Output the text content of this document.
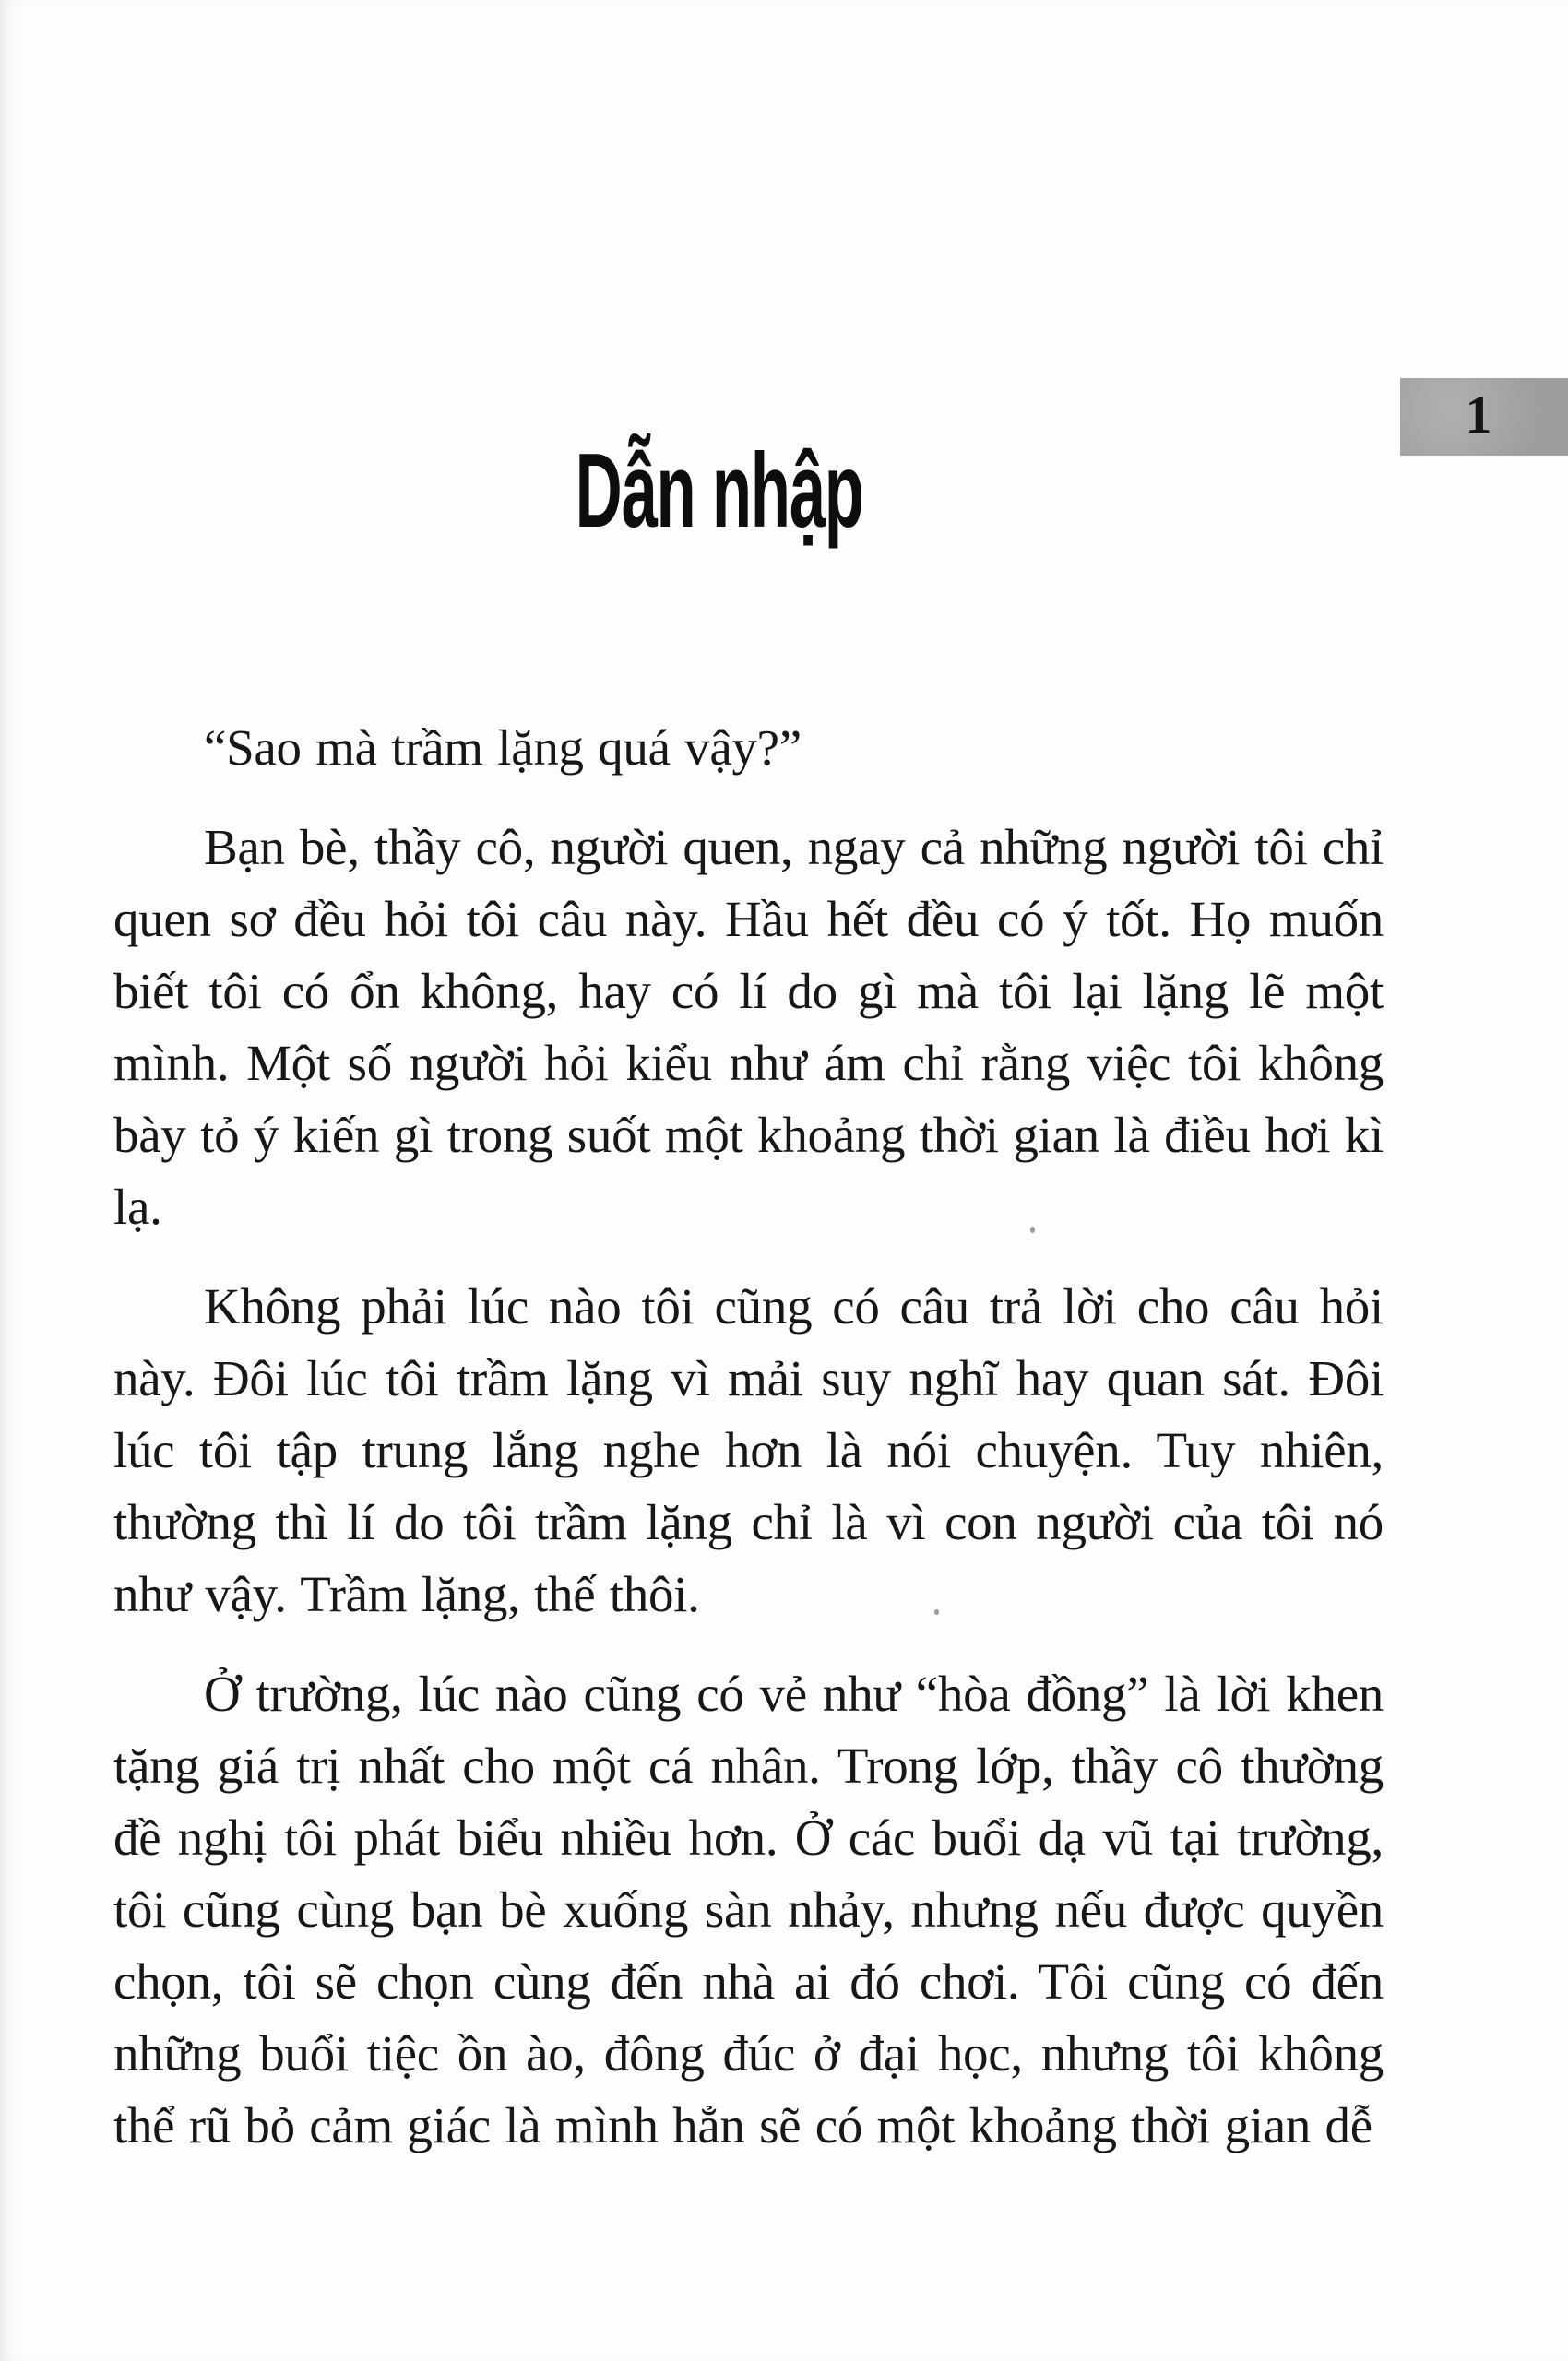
1
Dẫn nhập

“Sao mà trầm lặng quá vậy?”

Bạn bè, thầy cô, người quen, ngay cả những người tôi chỉ quen sơ đều hỏi tôi câu này. Hầu hết đều có ý tốt. Họ muốn biết tôi có ổn không, hay có lí do gì mà tôi lại lặng lẽ một mình. Một số người hỏi kiểu như ám chỉ rằng việc tôi không bày tỏ ý kiến gì trong suốt một khoảng thời gian là điều hơi kì lạ.

Không phải lúc nào tôi cũng có câu trả lời cho câu hỏi này. Đôi lúc tôi trầm lặng vì mải suy nghĩ hay quan sát. Đôi lúc tôi tập trung lắng nghe hơn là nói chuyện. Tuy nhiên, thường thì lí do tôi trầm lặng chỉ là vì con người của tôi nó như vậy. Trầm lặng, thế thôi.

Ở trường, lúc nào cũng có vẻ như “hòa đồng” là lời khen tặng giá trị nhất cho một cá nhân. Trong lớp, thầy cô thường đề nghị tôi phát biểu nhiều hơn. Ở các buổi dạ vũ tại trường, tôi cũng cùng bạn bè xuống sàn nhảy, nhưng nếu được quyền chọn, tôi sẽ chọn cùng đến nhà ai đó chơi. Tôi cũng có đến những buổi tiệc ồn ào, đông đúc ở đại học, nhưng tôi không thể rũ bỏ cảm giác là mình hẳn sẽ có một khoảng thời gian dễ
